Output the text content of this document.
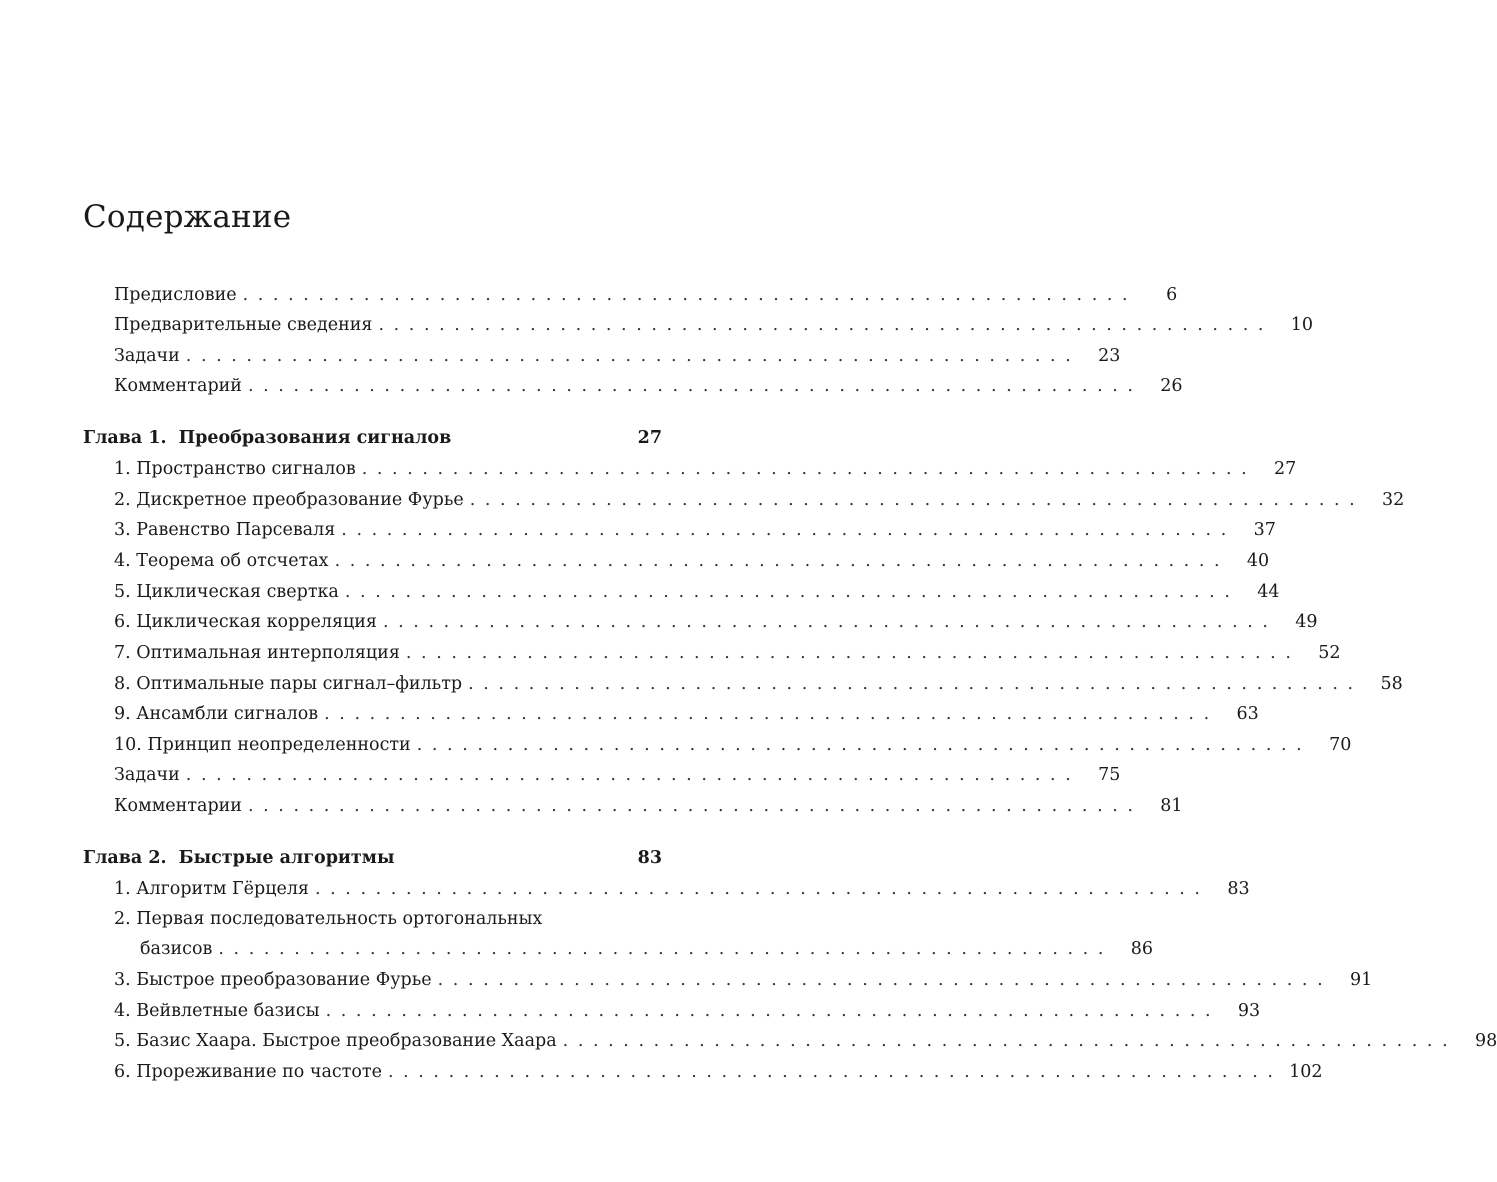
Содержание
Предисловие ...........................................................	6
Предварительные сведения ...........................................................	10
Задачи ...........................................................	23
Комментарий ...........................................................	26
Глава 1. Преобразования сигналов	27
1. Пространство сигналов ...........................................................	27
2. Дискретное преобразование Фурье ...........................................................	32
3. Равенство Парсеваля ...........................................................	37
4. Теорема об отсчетах ...........................................................	40
5. Циклическая свертка ...........................................................	44
6. Циклическая корреляция ...........................................................	49
7. Оптимальная интерполяция ...........................................................	52
8. Оптимальные пары сигнал–фильтр ...........................................................	58
9. Ансамбли сигналов ...........................................................	63
10. Принцип неопределенности ...........................................................	70
Задачи ...........................................................	75
Комментарии ...........................................................	81
Глава 2. Быстрые алгоритмы	83
1. Алгоритм Гёрцеля ...........................................................	83
2. Первая последовательность ортогональных
базисов ...........................................................	86
3. Быстрое преобразование Фурье ...........................................................	91
4. Вейвлетные базисы ...........................................................	93
5. Базис Хаара. Быстрое преобразование Хаара ...........................................................	98
6. Прореживание по частоте ........................................................... 102
